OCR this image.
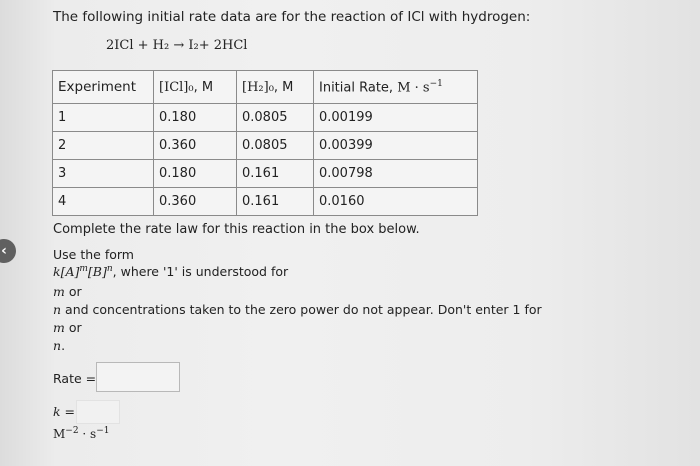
‹
The following initial rate data are for the reaction of ICl with hydrogen:
2ICl + H₂ → I₂+ 2HCl
Experiment	[ICl]₀, M	[H₂]₀, M	Initial Rate, $M \cdot s^{-1}$
1	0.180	0.0805	0.00199
2	0.360	0.0805	0.00399
3	0.180	0.161	0.00798
4	0.360	0.161	0.0160
Complete the rate law for this reaction in the box below.
Use the form
$k[A]^m[B]^n$, where '1' is understood for
m or
n and concentrations taken to the zero power do not appear. Don't enter 1 for
m or
n.
Rate =
k =
$M^{-2} \cdot s^{-1}$
